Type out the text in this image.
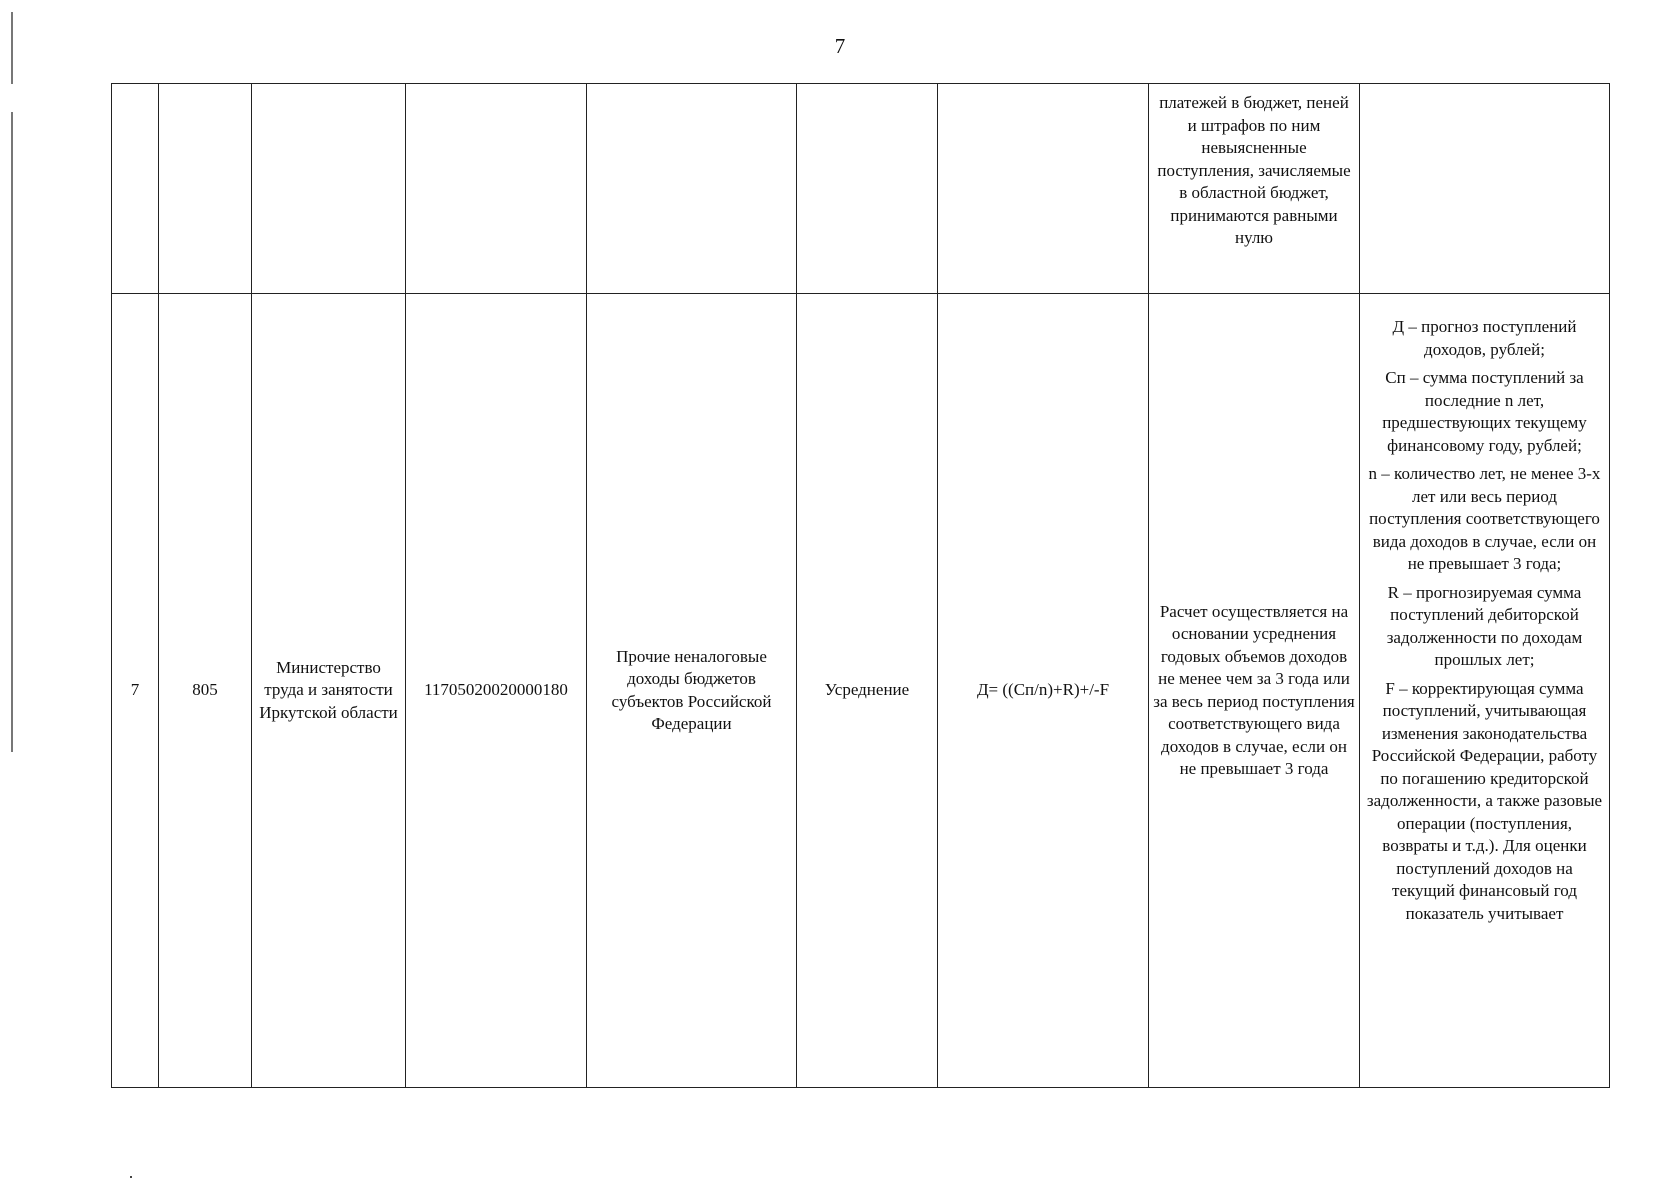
7
							платежей в бюджет, пеней и штрафов по ним невыясненные поступления, зачисляемые в областной бюджет, принимаются равными нулю	
7	805	Министерство труда и занятости Иркутской области	11705020020000180	Прочие неналоговые доходы бюджетов субъектов Российской Федерации	Усреднение	Д= ((Сп/n)+R)+/-F	Расчет осуществляется на основании усреднения годовых объемов доходов не менее чем за 3 года или за весь период поступления соответствующего вида доходов в случае, если он не превышает 3 года	Д – прогноз поступлений доходов, рублей;
Сп – сумма поступлений за последние n лет, предшествующих текущему финансовому году, рублей;
n – количество лет, не менее 3-х лет или весь период поступления соответствующего вида доходов в случае, если он не превышает 3 года;
R – прогнозируемая сумма поступлений дебиторской задолженности по доходам прошлых лет;
F – корректирующая сумма поступлений, учитывающая изменения законодательства Российской Федерации, работу по погашению кредиторской задолженности, а также разовые операции (поступления, возвраты и т.д.). Для оценки поступлений доходов на текущий финансовый год показатель учитывает
